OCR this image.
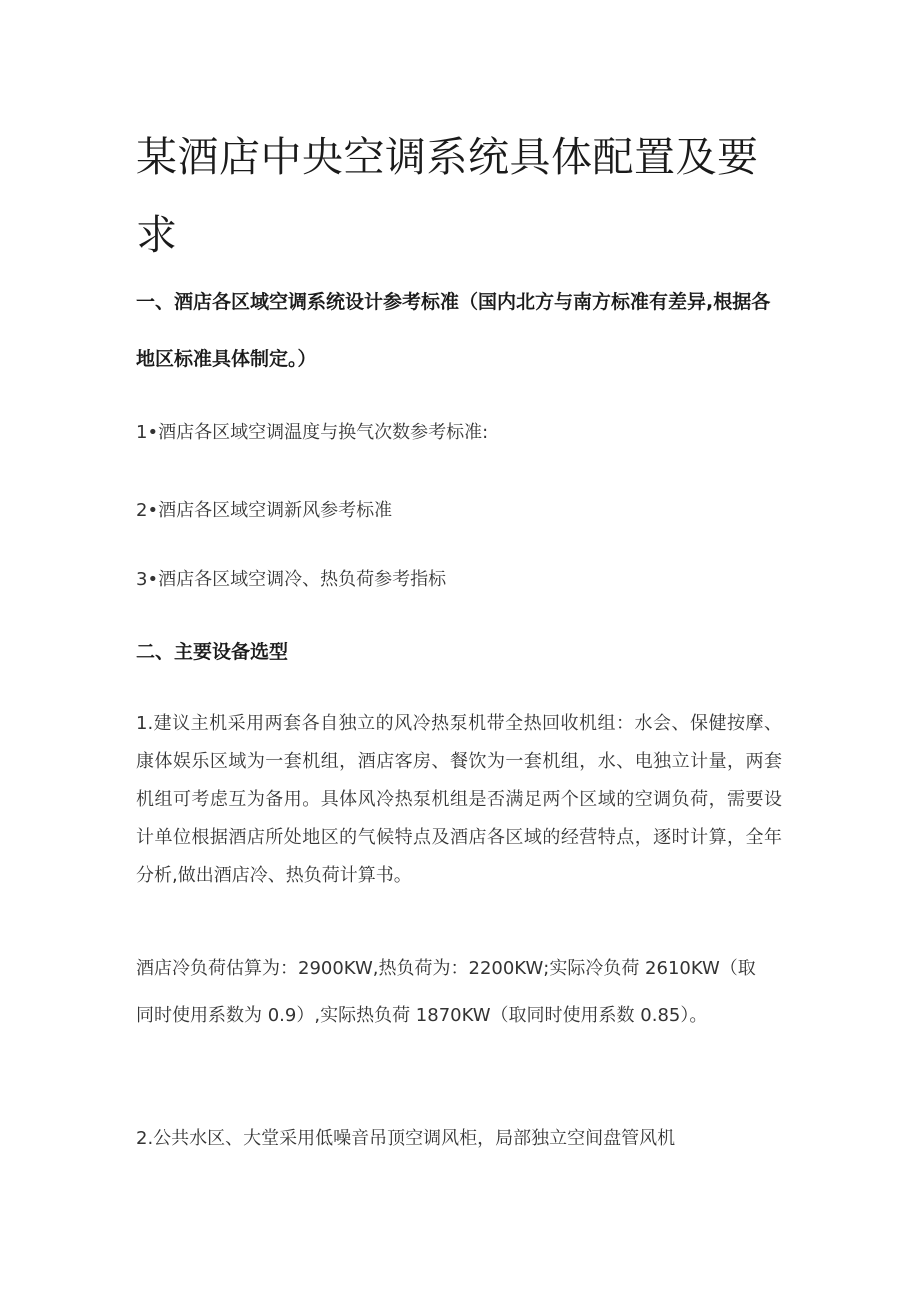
某酒店中央空调系统具体配置及要求
一、酒店各区域空调系统设计参考标准（国内北方与南方标准有差异,根据各地区标准具体制定。）

1•酒店各区域空调温度与换气次数参考标准:

2•酒店各区域空调新风参考标准

3•酒店各区域空调冷、热负荷参考指标

二、主要设备选型

1.建议主机采用两套各自独立的风冷热泵机带全热回收机组：水会、保健按摩、康体娱乐区域为一套机组，酒店客房、餐饮为一套机组，水、电独立计量，两套机组可考虑互为备用。具体风冷热泵机组是否满足两个区域的空调负荷，需要设计单位根据酒店所处地区的气候特点及酒店各区域的经营特点，逐时计算，全年分析,做出酒店冷、热负荷计算书。

酒店冷负荷估算为：2900KW,热负荷为：2200KW;实际冷负荷 2610KW（取同时使用系数为 0.9）,实际热负荷 1870KW（取同时使用系数 0.85）。

2.公共水区、大堂采用低噪音吊顶空调风柜，局部独立空间盘管风机
